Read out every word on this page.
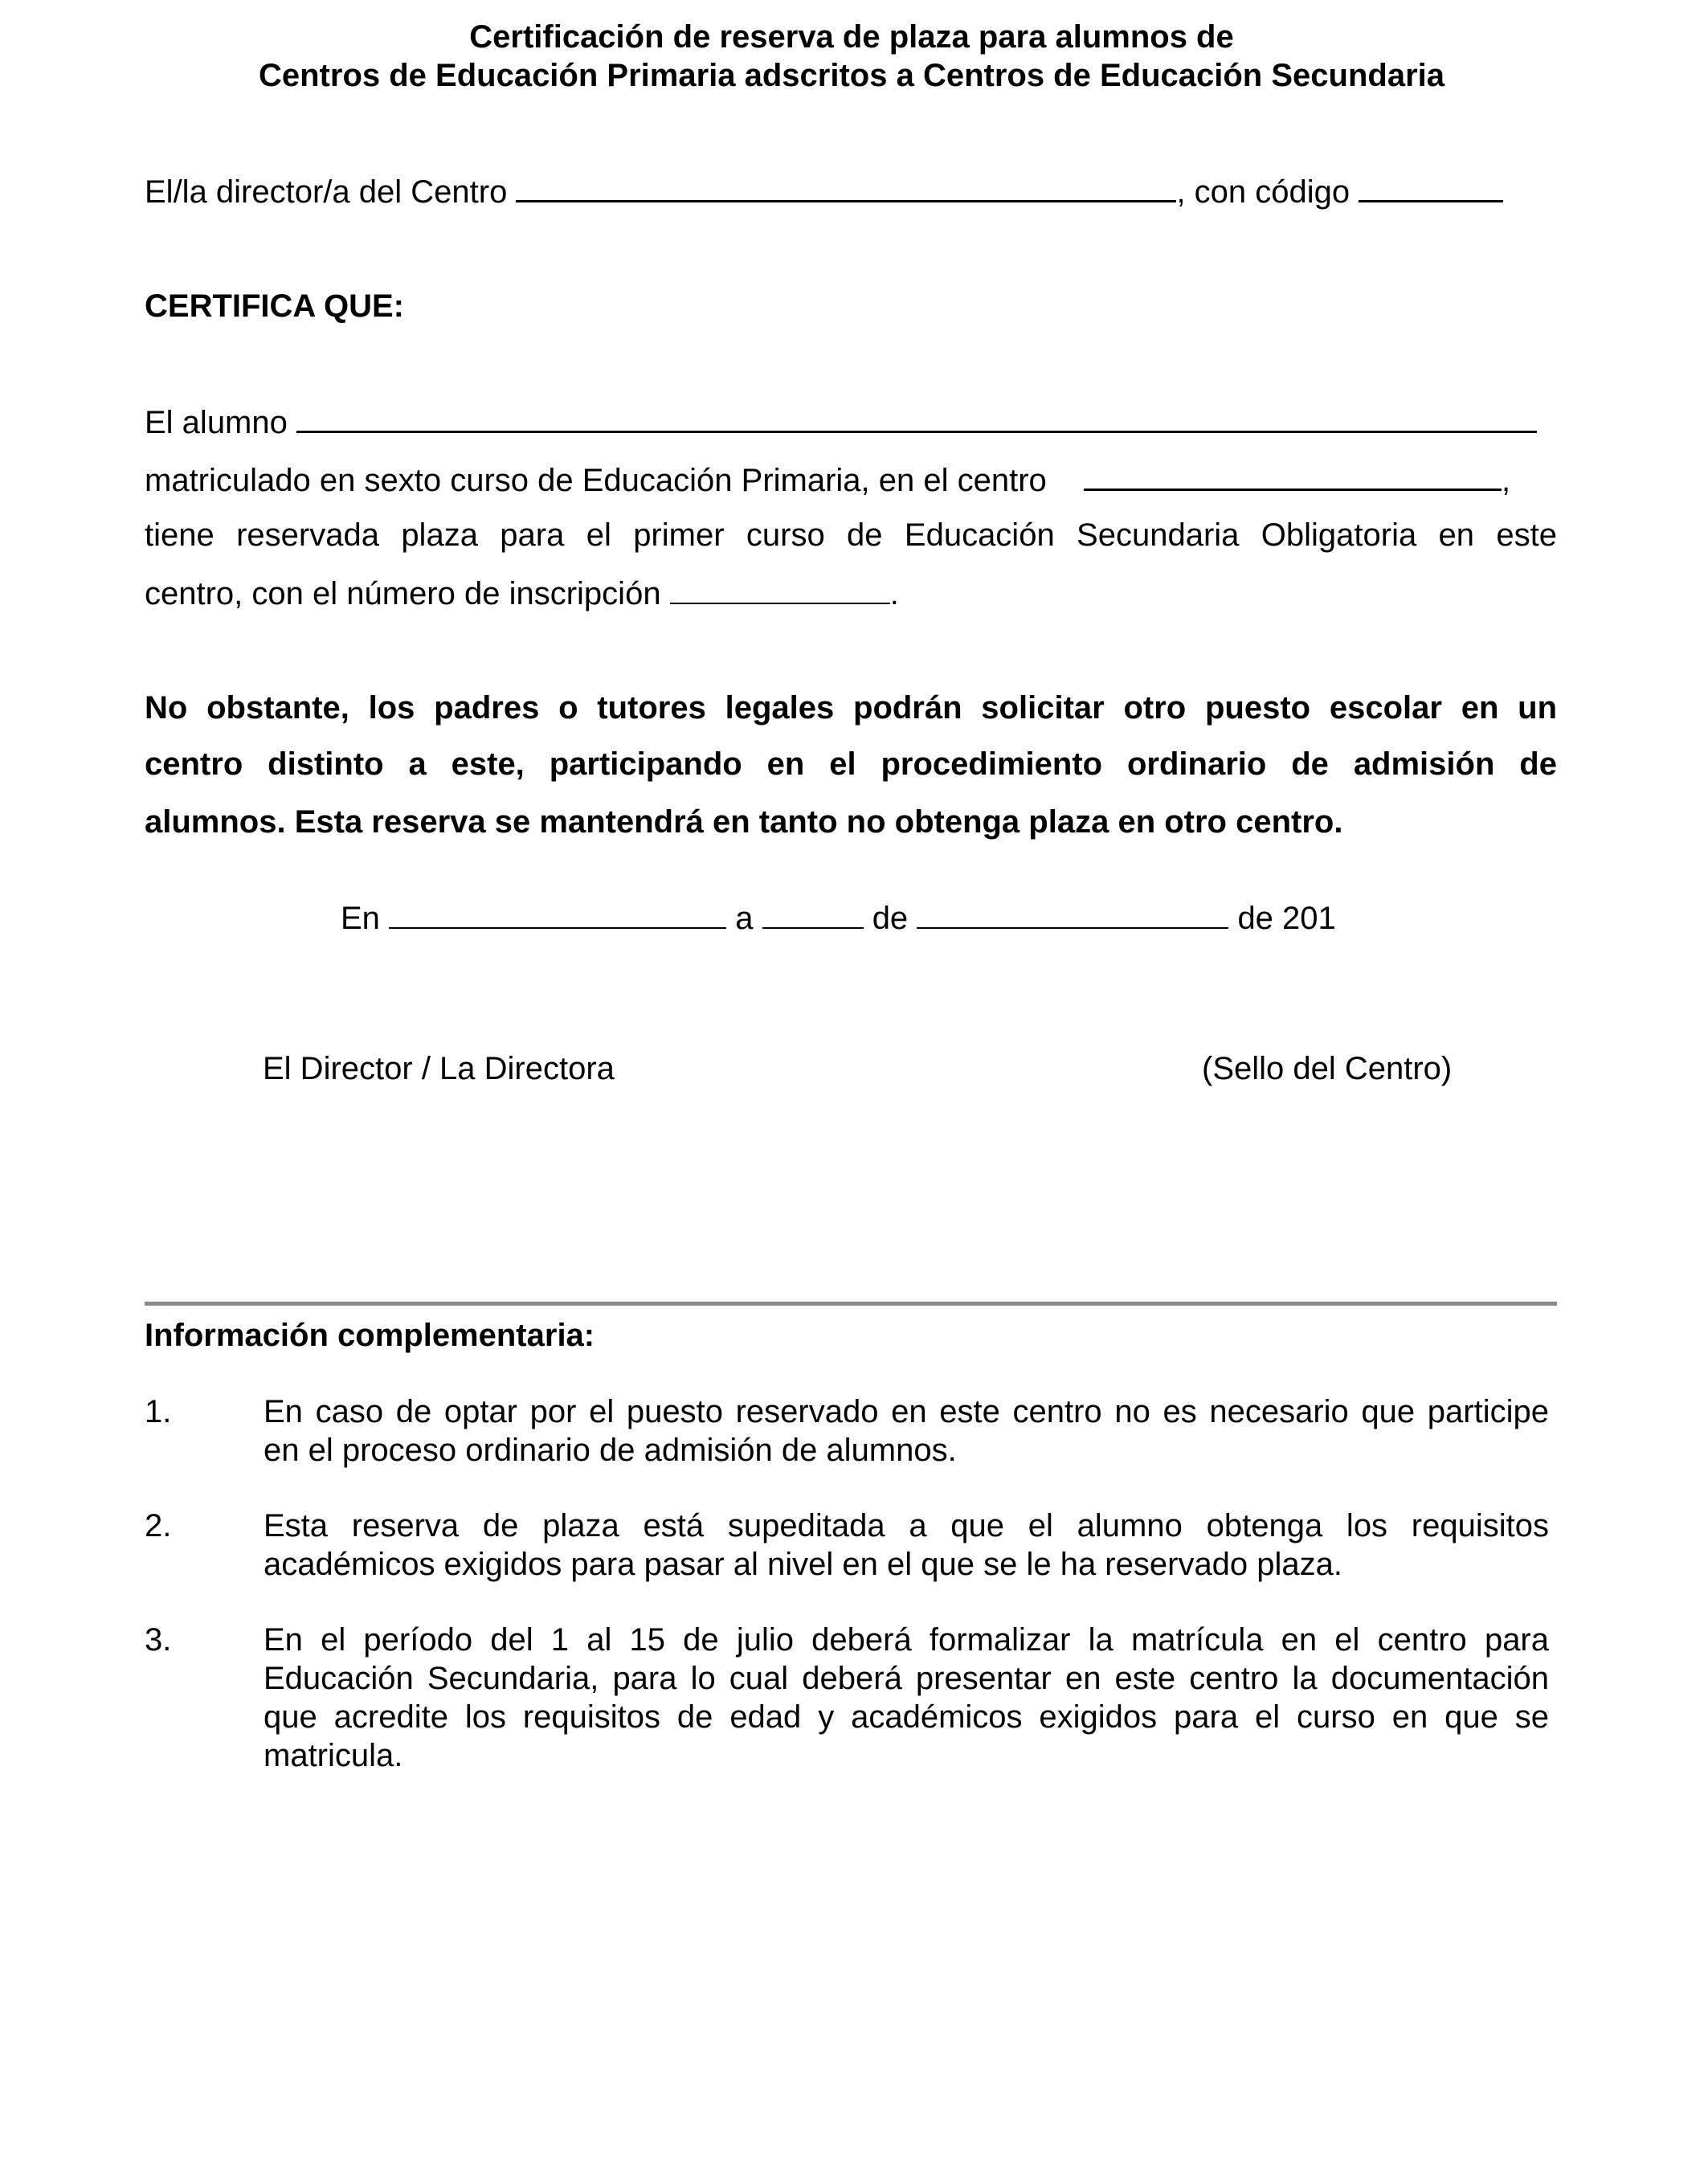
Certificación de reserva de plaza para alumnos de
Centros de Educación Primaria adscritos a Centros de Educación Secundaria
El/la director/a del Centro	, con código
CERTIFICA QUE:
El alumno
matriculado en sexto curso de Educación Primaria, en el centro	,
tiene reservada plaza para el primer curso de Educación Secundaria Obligatoria en este
centro, con el número de inscripción	.
No obstante, los padres o tutores legales podrán solicitar otro puesto escolar en un
centro distinto a este, participando en el procedimiento ordinario de admisión de
alumnos. Esta reserva se mantendrá en tanto no obtenga plaza en otro centro.
En	a	de	de 201
El Director / La Directora	(Sello del Centro)
Información complementaria:
1.	En caso de optar por el puesto reservado en este centro no es necesario que participe
en el proceso ordinario de admisión de alumnos.
2.	Esta reserva de plaza está supeditada a que el alumno obtenga los requisitos
académicos exigidos para pasar al nivel en el que se le ha reservado plaza.
3.	En el período del 1 al 15 de julio deberá formalizar la matrícula en el centro para
Educación Secundaria, para lo cual deberá presentar en este centro la documentación
que acredite los requisitos de edad y académicos exigidos para el curso en que se
matricula.
